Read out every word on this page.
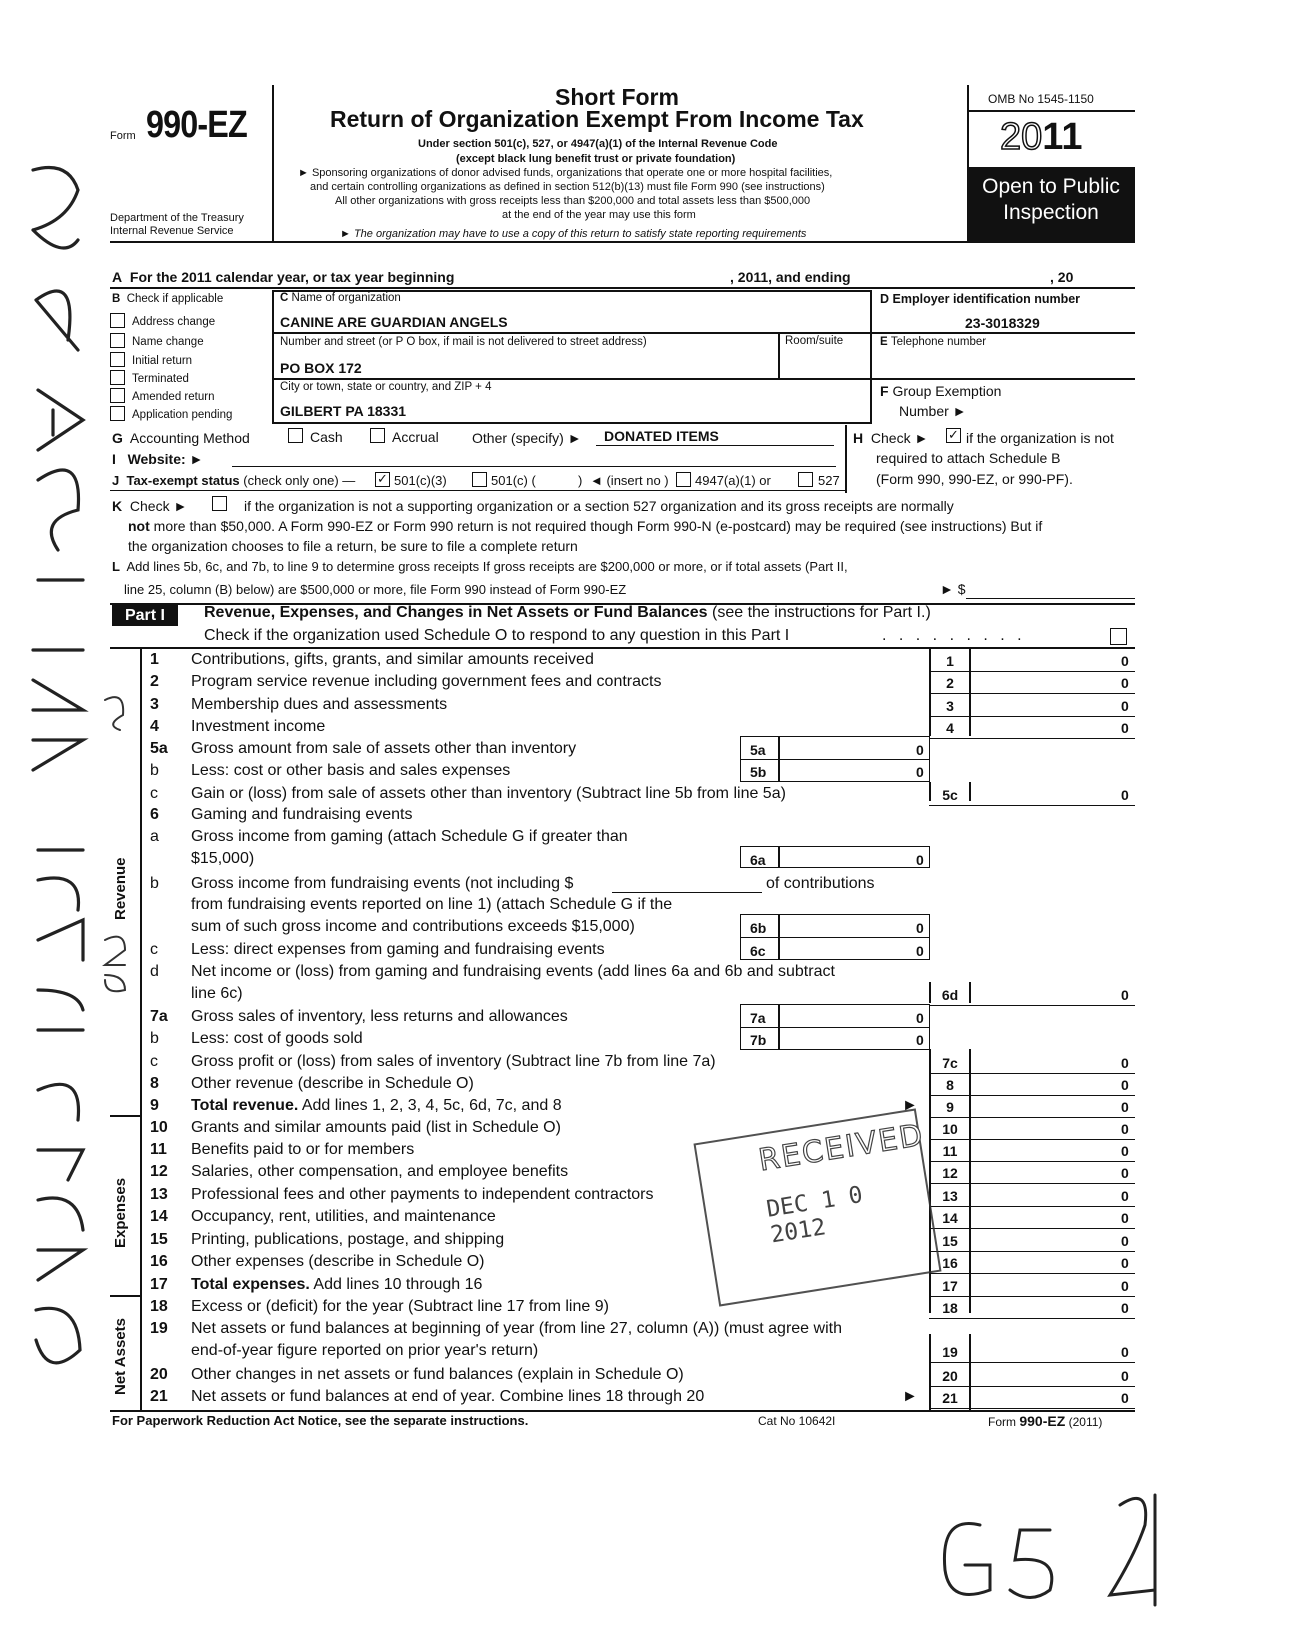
Form 990-EZ
Department of the Treasury
Internal Revenue Service
Short Form
Return of Organization Exempt From Income Tax
Under section 501(c), 527, or 4947(a)(1) of the Internal Revenue Code
(except black lung benefit trust or private foundation)
► Sponsoring organizations of donor advised funds, organizations that operate one or more hospital facilities,
and certain controlling organizations as defined in section 512(b)(13) must file Form 990 (see instructions)
All other organizations with gross receipts less than $200,000 and total assets less than $500,000
at the end of the year may use this form
► The organization may have to use a copy of this return to satisfy state reporting requirements
OMB No 1545-1150
2011
Open to Public
Inspection
A For the 2011 calendar year, or tax year beginning	, 2011, and ending	, 20
B Check if applicable
Address change
Name change
Initial return
Terminated
Amended return
Application pending
C Name of organization
CANINE ARE GUARDIAN ANGELS
Number and street (or P O box, if mail is not delivered to street address)	Room/suite
PO BOX 172
City or town, state or country, and ZIP + 4
GILBERT PA 18331
D Employer identification number
23-3018329
E Telephone number
F Group Exemption
Number ►
G Accounting Method	Cash	Accrual Other (specify) ► DONATED ITEMS	H Check ► ✓ if the organization is not
required to attach Schedule B
(Form 990, 990-EZ, or 990-PF).
I Website: ►
J Tax-exempt status (check only one) — ✓ 501(c)(3)	501(c) (	) ◄ (insert no ) 4947(a)(1) or	527
K Check ►	if the organization is not a supporting organization or a section 527 organization and its gross receipts are normally
not more than $50,000. A Form 990-EZ or Form 990 return is not required though Form 990-N (e-postcard) may be required (see instructions) But if
the organization chooses to file a return, be sure to file a complete return
L Add lines 5b, 6c, and 7b, to line 9 to determine gross receipts If gross receipts are $200,000 or more, or if total assets (Part II,
line 25, column (B) below) are $500,000 or more, file Form 990 instead of Form 990-EZ	► $
Part I	Revenue, Expenses, and Changes in Net Assets or Fund Balances (see the instructions for Part I.)
Check if the organization used Schedule O to respond to any question in this Part I	. . . . . . . . .
Revenue
Expenses
Net Assets
1 Contributions, gifts, grants, and similar amounts received	1	0
2 Program service revenue including government fees and contracts	2	0
3 Membership dues and assessments	3	0
4 Investment income	4	0
5a Gross amount from sale of assets other than inventory	5a	0
b Less: cost or other basis and sales expenses	5b	0
c Gain or (loss) from sale of assets other than inventory (Subtract line 5b from line 5a)	5c	0
6 Gaming and fundraising events
a Gross income from gaming (attach Schedule G if greater than
$15,000)	6a	0
b Gross income from fundraising events (not including $	of contributions
from fundraising events reported on line 1) (attach Schedule G if the
sum of such gross income and contributions exceeds $15,000)	6b	0
c Less: direct expenses from gaming and fundraising events	6c	0
d Net income or (loss) from gaming and fundraising events (add lines 6a and 6b and subtract
line 6c)	6d	0
7a Gross sales of inventory, less returns and allowances	7a	0
b Less: cost of goods sold	7b	0
c Gross profit or (loss) from sales of inventory (Subtract line 7b from line 7a)	7c	0
8 Other revenue (describe in Schedule O)	8	0
9 Total revenue. Add lines 1, 2, 3, 4, 5c, 6d, 7c, and 8	►	9	0
10 Grants and similar amounts paid (list in Schedule O)	10	0
11 Benefits paid to or for members	11	0
12 Salaries, other compensation, and employee benefits	12	0
13 Professional fees and other payments to independent contractors	13	0
14 Occupancy, rent, utilities, and maintenance	14	0
15 Printing, publications, postage, and shipping	15	0
16 Other expenses (describe in Schedule O)	16	0
17 Total expenses. Add lines 10 through 16	17	0
18 Excess or (deficit) for the year (Subtract line 17 from line 9)	18	0
19 Net assets or fund balances at beginning of year (from line 27, column (A)) (must agree with
end-of-year figure reported on prior year's return)	19	0
20 Other changes in net assets or fund balances (explain in Schedule O)	20	0
21 Net assets or fund balances at end of year. Combine lines 18 through 20	►	21	0
For Paperwork Reduction Act Notice, see the separate instructions.	Cat No 10642I	Form 990-EZ (2011)
RECEIVED
DEC 1 0 2012
